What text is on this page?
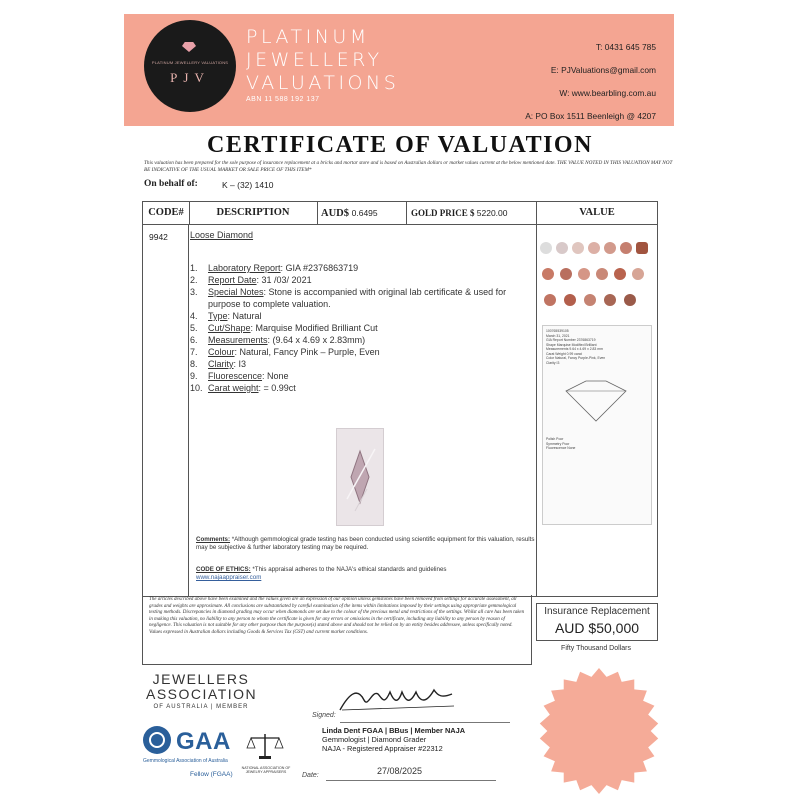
PLATINUM JEWELLERY VALUATIONS
PJV
PLATINUM
JEWELLERY
VALUATIONS
ABN 11 588 192 137
T: 0431 645 785
E: PJValuations@gmail.com
W: www.bearbling.com.au
A: PO Box 1511 Beenleigh @ 4207
CERTIFICATE OF VALUATION
This valuation has been prepared for the sole purpose of insurance replacement at a bricks and mortar store and is based on Australian dollars or market values current at the below mentioned date. THE VALUE NOTED IN THIS VALUATION MAY NOT BE INDICATIVE OF THE USUAL MARKET OR SALE PRICE OF THIS ITEM*
On behalf of:	K – (32) 1410
CODE#	DESCRIPTION	AUD$ 0.6495	GOLD PRICE $ 5220.00	VALUE
9942 Loose Diamond
1. Laboratory Report: GIA #2376863719
2. Report Date: 31 /03/ 2021
3. Special Notes: Stone is accompanied with original lab certificate & used for purpose to complete valuation.
4. Type: Natural
5. Cut/Shape: Marquise Modified Brilliant Cut
6. Measurements: (9.64 x 4.69 x 2.83mm)
7. Colour: Natural, Fancy Pink – Purple, Even
8. Clarity: I3
9. Fluorescence: None
10. Carat weight: = 0.99ct
Comments: *Although gemmological grade testing has been conducted using scientific equipment for this valuation, results may be subjective & further laboratory testing may be required.
CODE OF ETHICS: *This appraisal adheres to the NAJA's ethical standards and guidelines
www.najaappraiser.com
100765539105
March 31, 2021
GIA Report Number 2376863719
Shape Marquise Modified Brilliant
Measurements 9.64 x 4.69 x 2.83 mm
Carat Weight 0.99 carat
Color Natural, Fancy Purple-Pink, Even
Clarity I3
Polish Poor
Symmetry Poor
Fluorescence None
The articles described above have been examined and the values given are an expression of our opinion unless gemstones have been removed from settings for accurate assessment, all grades and weights are approximate. All conclusions are substantiated by careful examination of the items within limitations imposed by their settings using appropriate gemmological testing methods. Discrepancies in diamond grading may occur when diamonds are set due to the colour of the precious metal and restrictions of the settings. Whilst all care has been taken in making this valuation, no liability to any person to whom the certificate is given for any errors or omissions in the certificate, including any liability to any person by reason of negligence. This valuation is not suitable for any other purpose than the purpose(s) stated above and should not be relied on by an entity besides addressee, unless specifically noted. Values expressed in Australian dollars including Goods & Services Tax (GST) and current market conditions.
Insurance Replacement
AUD $50,000
Fifty Thousand Dollars
JEWELLERS
ASSOCIATION
OF AUSTRALIA | MEMBER
Signed:
Linda Dent FGAA | BBus | Member NAJA
Gemmologist | Diamond Grader
NAJA - Registered Appraiser #22312
GAA
Gemmological Association of Australia
Fellow (FGAA)
NATIONAL ASSOCIATION OF JEWELRY APPRAISERS	Date:	27/08/2025
